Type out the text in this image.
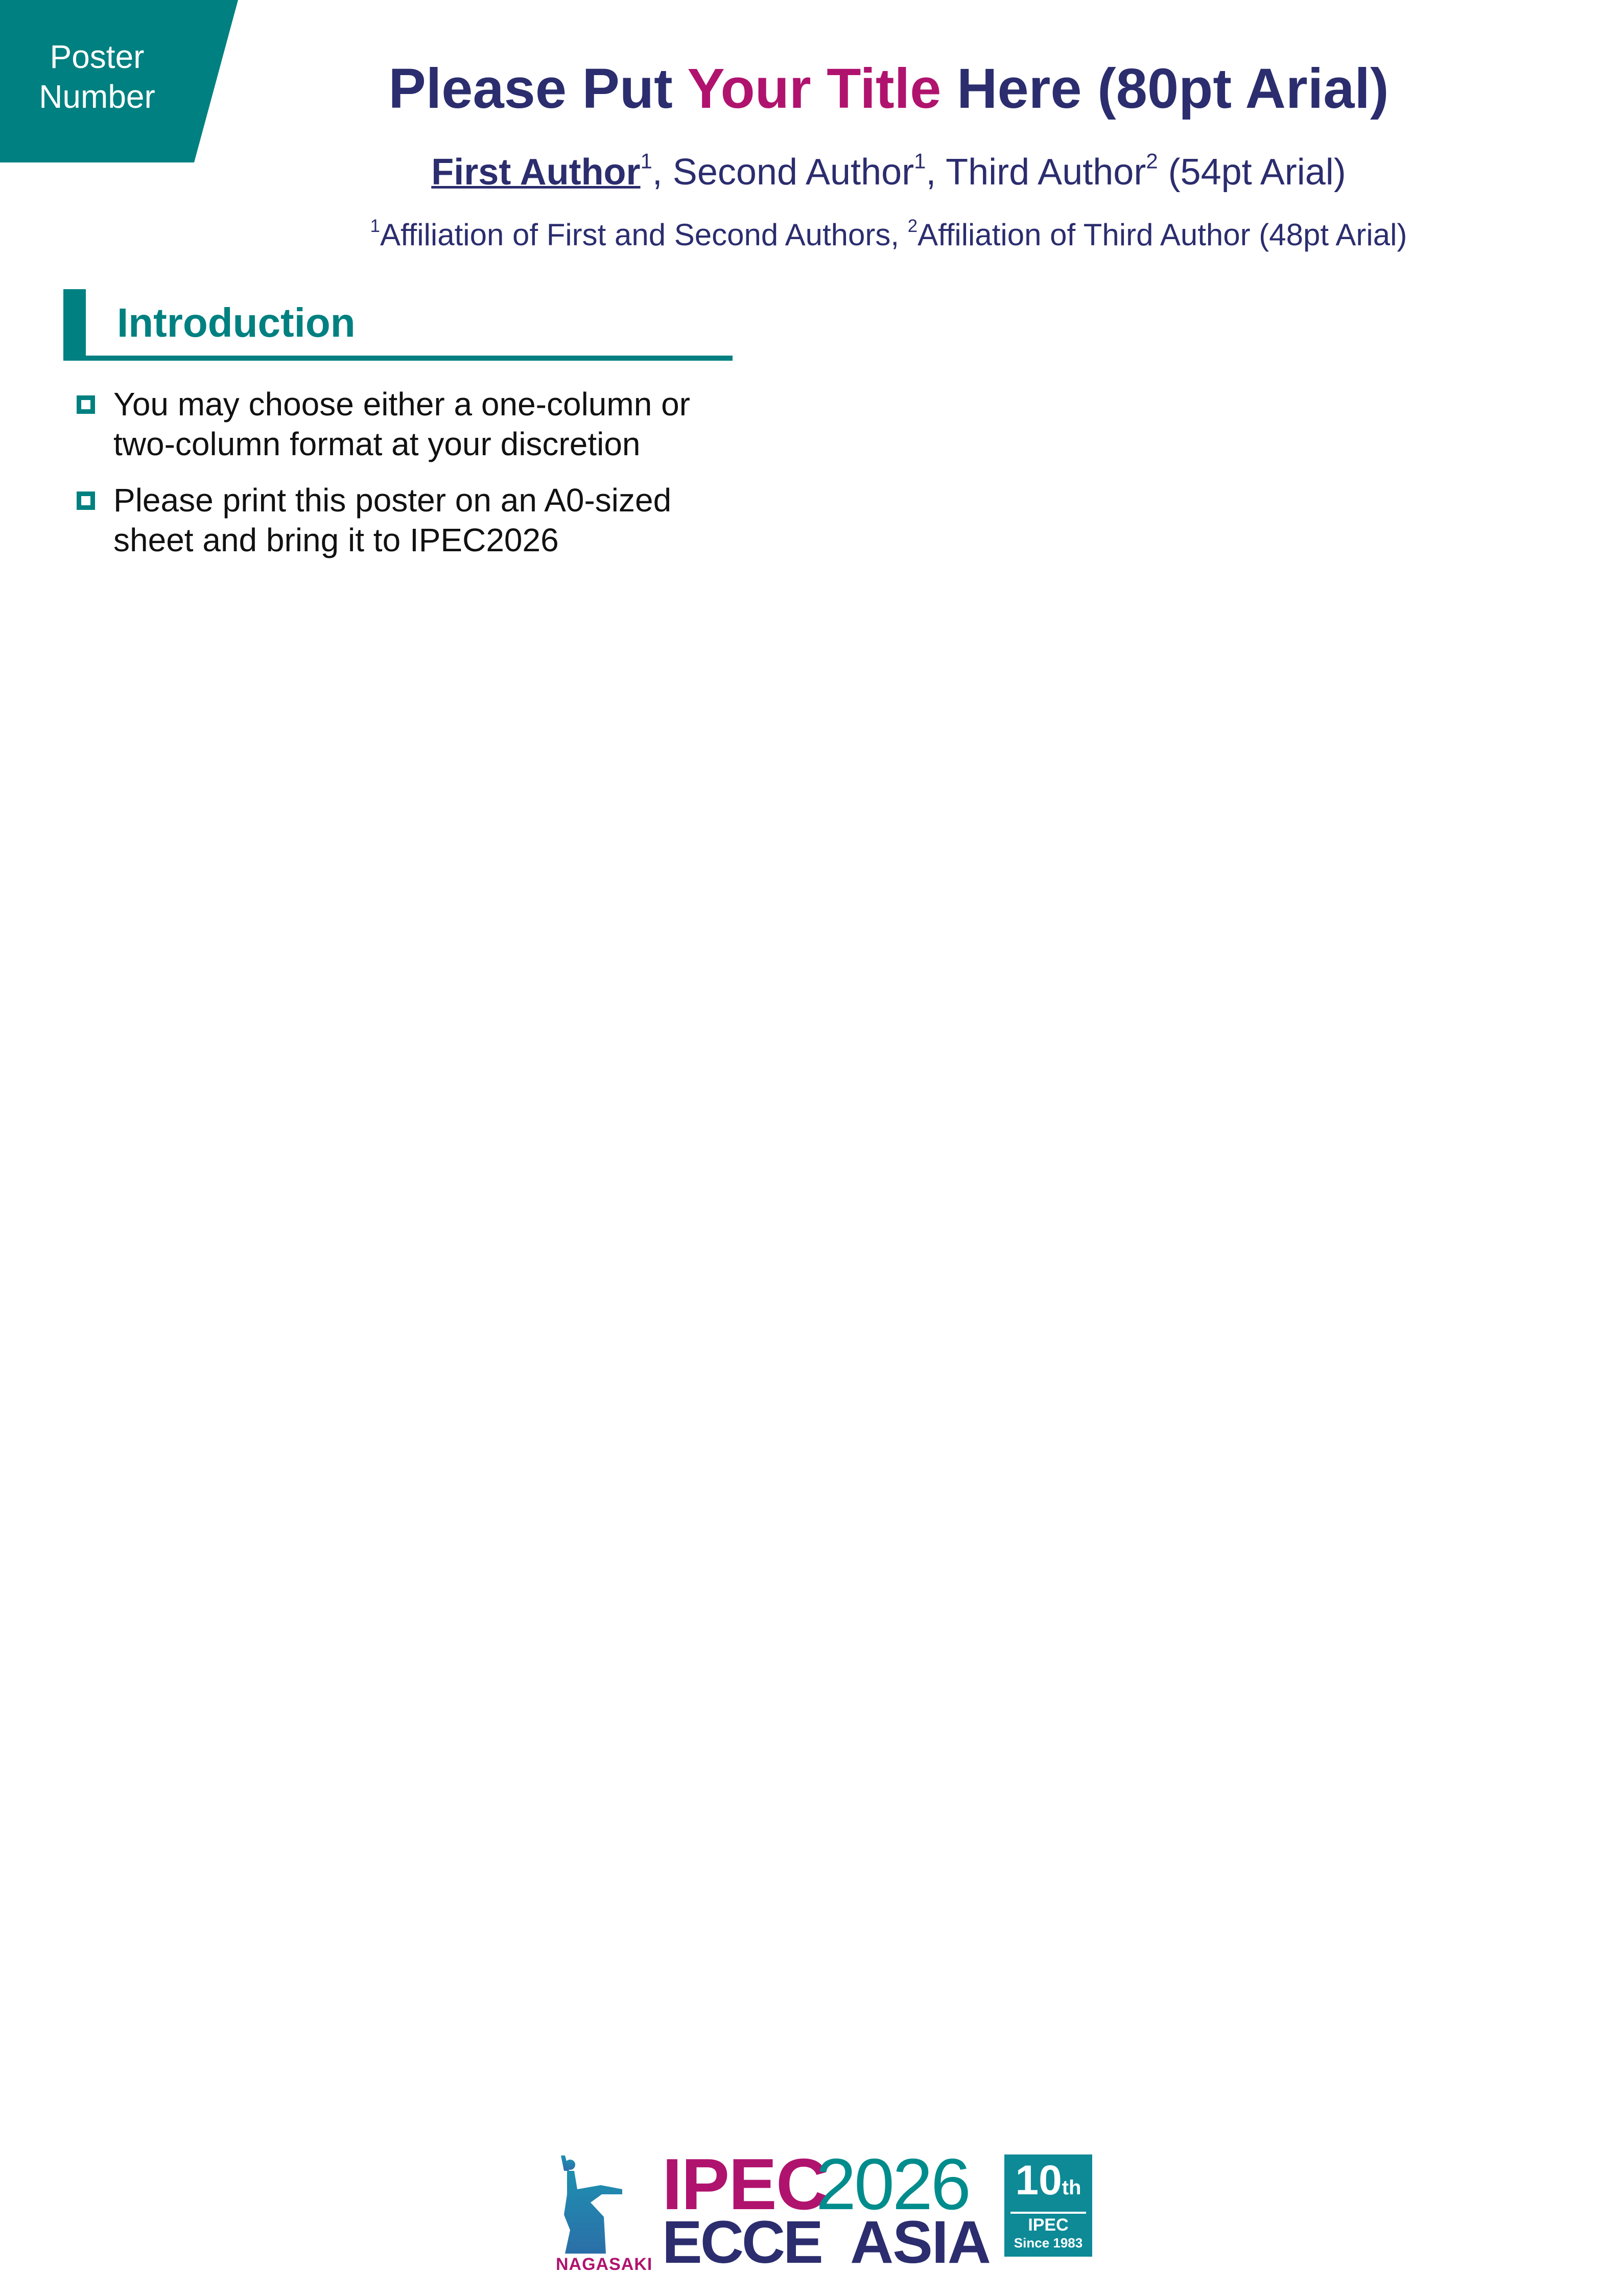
Poster
Number	Please Put Your Title Here (80pt Arial)
First Author$^1$, Second Author$^1$, Third Author$^2$ (54pt Arial)
$^1$Affiliation of First and Second Authors, $^2$Affiliation of Third Author (48pt Arial)
Introduction
You may choose either a one-column or
two-column format at your discretion
Please print this poster on an A0-sized
sheet and bring it to IPEC2026
NAGASAKI
IPEC
2026
ECCE ASIA
10th
IPEC
Since 1983
